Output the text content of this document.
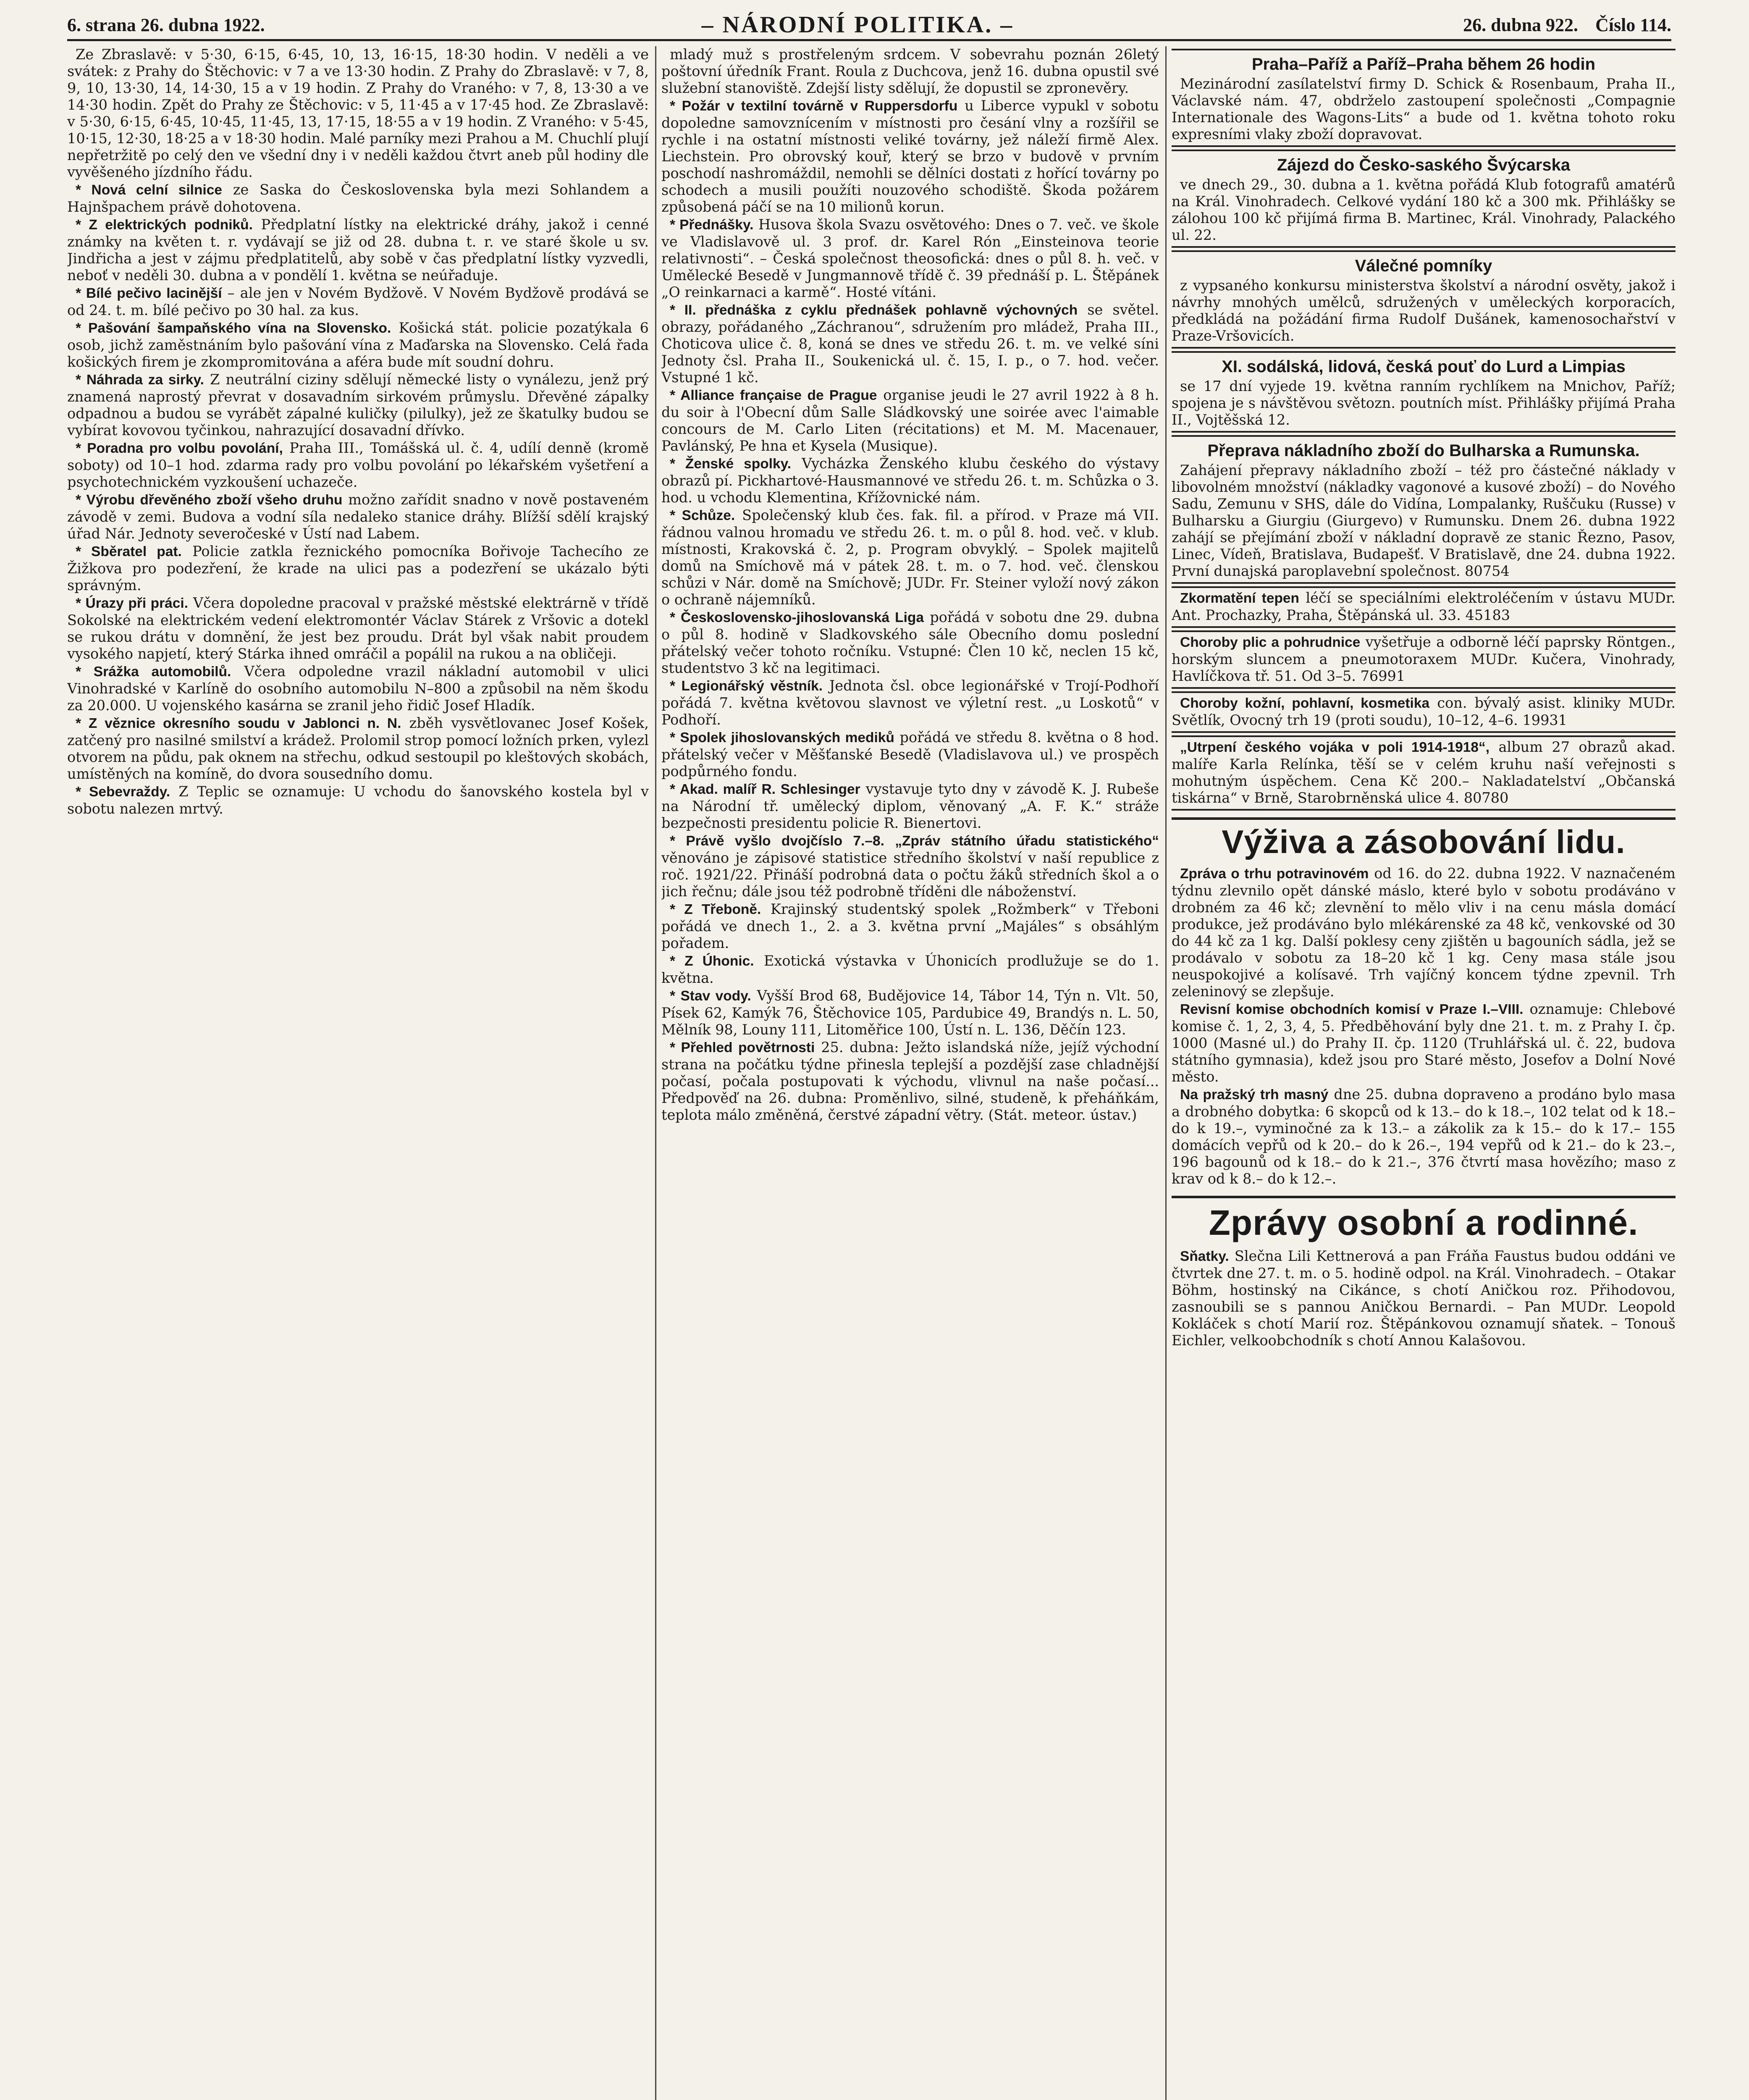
6. strana 26. dubna 1922.	– NÁRODNÍ POLITIKA. –	26. dubna 922. Číslo 114.

Ze Zbraslavě: v 5·30, 6·15, 6·45, 10, 13, 16·15, 18·30 hodin. V neděli a ve svátek: z Prahy do Štěchovic: v 7 a ve 13·30 hodin. Z Prahy do Zbraslavě: v 7, 8, 9, 10, 13·30, 14, 14·30, 15 a v 19 hodin. Z Prahy do Vraného: v 7, 8, 13·30 a ve 14·30 hodin. Zpět do Prahy ze Štěchovic: v 5, 11·45 a v 17·45 hod. Ze Zbraslavě: v 5·30, 6·15, 6·45, 10·45, 11·45, 13, 17·15, 18·55 a v 19 hodin. Z Vraného: v 5·45, 10·15, 12·30, 18·25 a v 18·30 hodin. Malé parníky mezi Prahou a M. Chuchlí plují nepřetržitě po celý den ve všední dny i v neděli každou čtvrt aneb půl hodiny dle vyvěšeného jízdního řádu.

* Nová celní silnice ze Saska do Československa byla mezi Sohlandem a Hajnšpachem právě dohotovena.

* Z elektrických podniků. Předplatní lístky na elektrické dráhy, jakož i cenné známky na květen t. r. vydávají se již od 28. dubna t. r. ve staré škole u sv. Jindřicha a jest v zájmu předplatitelů, aby sobě v čas předplatní lístky vyzvedli, neboť v neděli 30. dubna a v pondělí 1. května se neúřaduje.

* Bílé pečivo lacinější – ale jen v Novém Bydžově. V Novém Bydžově prodává se od 24. t. m. bílé pečivo po 30 hal. za kus.

* Pašování šampaňského vína na Slovensko. Košická stát. policie pozatýkala 6 osob, jichž zaměstnáním bylo pašování vína z Maďarska na Slovensko. Celá řada košických firem je zkompromitována a aféra bude mít soudní dohru.

* Náhrada za sirky. Z neutrální ciziny sdělují německé listy o vynálezu, jenž prý znamená naprostý převrat v dosavadním sirkovém průmyslu. Dřevěné zápalky odpadnou a budou se vyrábět zápalné kuličky (pilulky), jež ze škatulky budou se vybírat kovovou tyčinkou, nahrazující dosavadní dřívko.

* Poradna pro volbu povolání, Praha III., Tomášská ul. č. 4, udílí denně (kromě soboty) od 10–1 hod. zdarma rady pro volbu povolání po lékařském vyšetření a psychotechnickém vyzkoušení uchazeče.

* Výrobu dřevěného zboží všeho druhu možno zařídit snadno v nově postaveném závodě v zemi. Budova a vodní síla nedaleko stanice dráhy. Blížší sdělí krajský úřad Nár. Jednoty severočeské v Ústí nad Labem.

* Sběratel pat. Policie zatkla řeznického pomocníka Bořivoje Tachecího ze Žižkova pro podezření, že krade na ulici pas a podezření se ukázalo býti správným.

* Úrazy při práci. Včera dopoledne pracoval v pražské městské elektrárně v třídě Sokolské na elektrickém vedení elektromontér Václav Stárek z Vršovic a dotekl se rukou drátu v domnění, že jest bez proudu. Drát byl však nabit proudem vysokého napjetí, který Stárka ihned omráčil a popálil na rukou a na obličeji.

* Srážka automobilů. Včera odpoledne vrazil nákladní automobil v ulici Vinohradské v Karlíně do osobního automobilu N–800 a způsobil na něm škodu za 20.000. U vojenského kasárna se zranil jeho řidič Josef Hladík.

* Z věznice okresního soudu v Jablonci n. N. zběh vysvětlovanec Josef Košek, zatčený pro nasilné smilství a krádež. Prolomil strop pomocí ložních prken, vylezl otvorem na půdu, pak oknem na střechu, odkud sestoupil po kleštových skobách, umístěných na komíně, do dvora sousedního domu.

* Sebevraždy. Z Teplic se oznamuje: U vchodu do šanovského kostela byl v sobotu nalezen mrtvý.

mladý muž s prostřeleným srdcem. V sobevrahu poznán 26letý poštovní úředník Frant. Roula z Duchcova, jenž 16. dubna opustil své služební stanoviště. Zdejší listy sdělují, že dopustil se zpronevěry.

* Požár v textilní továrně v Ruppersdorfu u Liberce vypukl v sobotu dopoledne samovznícením v místnosti pro česání vlny a rozšířil se rychle i na ostatní místnosti veliké továrny, jež náleží firmě Alex. Liechstein. Pro obrovský kouř, který se brzo v budově v prvním poschodí nashromáždil, nemohli se dělníci dostati z hořící továrny po schodech a musili použíti nouzového schodiště. Škoda požárem způsobená páčí se na 10 milionů korun.

* Přednášky. Husova škola Svazu osvětového: Dnes o 7. več. ve škole ve Vladislavově ul. 3 prof. dr. Karel Rón „Einsteinova teorie relativnosti“. – Česká společnost theosofická: dnes o půl 8. h. več. v Umělecké Besedě v Jungmannově třídě č. 39 přednáší p. L. Štěpánek „O reinkarnaci a karmě“. Hosté vítáni.

* II. přednáška z cyklu přednášek pohlavně výchovných se světel. obrazy, pořádaného „Záchranou“, sdružením pro mládež, Praha III., Choticova ulice č. 8, koná se dnes ve středu 26. t. m. ve velké síni Jednoty čsl. Praha II., Soukenická ul. č. 15, I. p., o 7. hod. večer. Vstupné 1 kč.

* Alliance française de Prague organise jeudi le 27 avril 1922 à 8 h. du soir à l'Obecní dům Salle Sládkovský une soirée avec l'aimable concours de M. Carlo Liten (récitations) et M. M. Macenauer, Pavlánský, Pe hna et Kysela (Musique).

* Ženské spolky. Vycházka Ženského klubu českého do výstavy obrazů pí. Pickhartové-Hausmannové ve středu 26. t. m. Schůzka o 3. hod. u vchodu Klementina, Křížovnické nám.

* Schůze. Společenský klub čes. fak. fil. a přírod. v Praze má VII. řádnou valnou hromadu ve středu 26. t. m. o půl 8. hod. več. v klub. místnosti, Krakovská č. 2, p. Program obvyklý. – Spolek majitelů domů na Smíchově má v pátek 28. t. m. o 7. hod. več. členskou schůzi v Nár. domě na Smíchově; JUDr. Fr. Steiner vyloží nový zákon o ochraně nájemníků.

* Československo-jihoslovanská Liga pořádá v sobotu dne 29. dubna o půl 8. hodině v Sladkovského sále Obecního domu poslední přátelský večer tohoto ročníku. Vstupné: Člen 10 kč, neclen 15 kč, studentstvo 3 kč na legitimaci.

* Legionářský věstník. Jednota čsl. obce legionářské v Trojí-Podhoří pořádá 7. května květovou slavnost ve výletní rest. „u Loskotů“ v Podhoří.

* Spolek jihoslovanských mediků pořádá ve středu 8. května o 8 hod. přátelský večer v Měšťanské Besedě (Vladislavova ul.) ve prospěch podpůrného fondu.

* Akad. malíř R. Schlesinger vystavuje tyto dny v závodě K. J. Rubeše na Národní tř. umělecký diplom, věnovaný „A. F. K.“ stráže bezpečnosti presidentu policie R. Bienertovi.

* Právě vyšlo dvojčíslo 7.–8. „Zpráv státního úřadu statistického“ věnováno je zápisové statistice středního školství v naší republice z roč. 1921/22. Přináší podrobná data o počtu žáků středních škol a o jich řečnu; dále jsou též podrobně tříděni dle náboženství.

* Z Třeboně. Krajinský studentský spolek „Rožmberk“ v Třeboni pořádá ve dnech 1., 2. a 3. května první „Majáles“ s obsáhlým pořadem.

* Z Úhonic. Exotická výstavka v Úhonicích prodlužuje se do 1. května.

* Stav vody. Vyšší Brod 68, Budějovice 14, Tábor 14, Týn n. Vlt. 50, Písek 62, Kamýk 76, Štěchovice 105, Pardubice 49, Brandýs n. L. 50, Mělník 98, Louny 111, Litoměřice 100, Ústí n. L. 136, Děčín 123.

* Přehled povětrnosti 25. dubna: Ježto islandská níže, jejíž východní strana na počátku týdne přinesla teplejší a pozdější zase chladnější počasí, počala postupovati k východu, vlivnul na naše počasí... Předpověď na 26. dubna: Proměnlivo, silné, studeně, k přeháňkám, teplota málo změněná, čerstvé západní větry. (Stát. meteor. ústav.)

Praha–Paříž a Paříž–Praha během 26 hodin

Mezinárodní zasílatelství firmy D. Schick & Rosenbaum, Praha II., Václavské nám. 47, obdrželo zastoupení společnosti „Compagnie Internationale des Wagons-Lits“ a bude od 1. května tohoto roku expresními vlaky zboží dopravovat.

Zájezd do Česko-saského Švýcarska

ve dnech 29., 30. dubna a 1. května pořádá Klub fotografů amatérů na Král. Vinohradech. Celkové vydání 180 kč a 300 mk. Přihlášky se zálohou 100 kč přijímá firma B. Martinec, Král. Vinohrady, Palackého ul. 22.

Válečné pomníky

z vypsaného konkursu ministerstva školství a národní osvěty, jakož i návrhy mnohých umělců, sdružených v uměleckých korporacích, předkládá na požádání firma Rudolf Dušánek, kamenosochařství v Praze-Vršovicích.

XI. sodálská, lidová, česká pouť do Lurd a Limpias

se 17 dní vyjede 19. května ranním rychlíkem na Mnichov, Paříž; spojena je s návštěvou světozn. poutních míst. Přihlášky přijímá Praha II., Vojtěšská 12.

Přeprava nákladního zboží do Bulharska a Rumunska.

Zahájení přepravy nákladního zboží – též pro částečné náklady v libovolném množství (nákladky vagonové a kusové zboží) – do Nového Sadu, Zemunu v SHS, dále do Vidína, Lompalanky, Ruščuku (Russe) v Bulharsku a Giurgiu (Giurgevo) v Rumunsku. Dnem 26. dubna 1922 zahájí se přejímání zboží v nákladní dopravě ze stanic Řezno, Pasov, Linec, Vídeň, Bratislava, Budapešť. V Bratislavě, dne 24. dubna 1922. První dunajská paroplavební společnost. 80754

Zkormatění tepen léčí se speciálními elektroléčením v ústavu MUDr. Ant. Prochazky, Praha, Štěpánská ul. 33. 45183

Choroby plic a pohrudnice vyšetřuje a odborně léčí paprsky Röntgen., horským sluncem a pneumotoraxem MUDr. Kučera, Vinohrady, Havlíčkova tř. 51. Od 3–5. 76991

Choroby kožní, pohlavní, kosmetika con. bývalý asist. kliniky MUDr. Světlík, Ovocný trh 19 (proti soudu), 10–12, 4–6. 19931

„Utrpení českého vojáka v poli 1914-1918“, album 27 obrazů akad. malíře Karla Relínka, těší se v celém kruhu naší veřejnosti s mohutným úspěchem. Cena Kč 200.– Nakladatelství „Občanská tiskárna“ v Brně, Starobrněnská ulice 4. 80780

Výživa a zásobování lidu.

Zpráva o trhu potravinovém od 16. do 22. dubna 1922. V naznačeném týdnu zlevnilo opět dánské máslo, které bylo v sobotu prodáváno v drobném za 46 kč; zlevnění to mělo vliv i na cenu másla domácí produkce, jež prodáváno bylo mlékárenské za 48 kč, venkovské od 30 do 44 kč za 1 kg. Další poklesy ceny zjištěn u bagouních sádla, jež se prodávalo v sobotu za 18–20 kč 1 kg. Ceny masa stále jsou neuspokojivé a kolísavé. Trh vajíčný koncem týdne zpevnil. Trh zeleninový se zlepšuje.

Revisní komise obchodních komisí v Praze I.–VIII. oznamuje: Chlebové komise č. 1, 2, 3, 4, 5. Předběhování byly dne 21. t. m. z Prahy I. čp. 1000 (Masné ul.) do Prahy II. čp. 1120 (Truhlářská ul. č. 22, budova státního gymnasia), kdež jsou pro Staré město, Josefov a Dolní Nové město.

Na pražský trh masný dne 25. dubna dopraveno a prodáno bylo masa a drobného dobytka: 6 skopců od k 13.– do k 18.–, 102 telat od k 18.– do k 19.–, vyminočné za k 13.– a zákolik za k 15.– do k 17.– 155 domácích vepřů od k 20.– do k 26.–, 194 vepřů od k 21.– do k 23.–, 196 bagounů od k 18.– do k 21.–, 376 čtvrtí masa hovězího; maso z krav od k 8.– do k 12.–.

Zprávy osobní a rodinné.

Sňatky. Slečna Lili Kettnerová a pan Fráňa Faustus budou oddáni ve čtvrtek dne 27. t. m. o 5. hodině odpol. na Král. Vinohradech. – Otakar Böhm, hostinský na Cikánce, s chotí Aničkou roz. Přihodovou, zasnoubili se s pannou Aničkou Bernardi. – Pan MUDr. Leopold Kokláček s chotí Marií roz. Štěpánkovou oznamují sňatek. – Tonouš Eichler, velkoobchodník s chotí Annou Kalašovou.
